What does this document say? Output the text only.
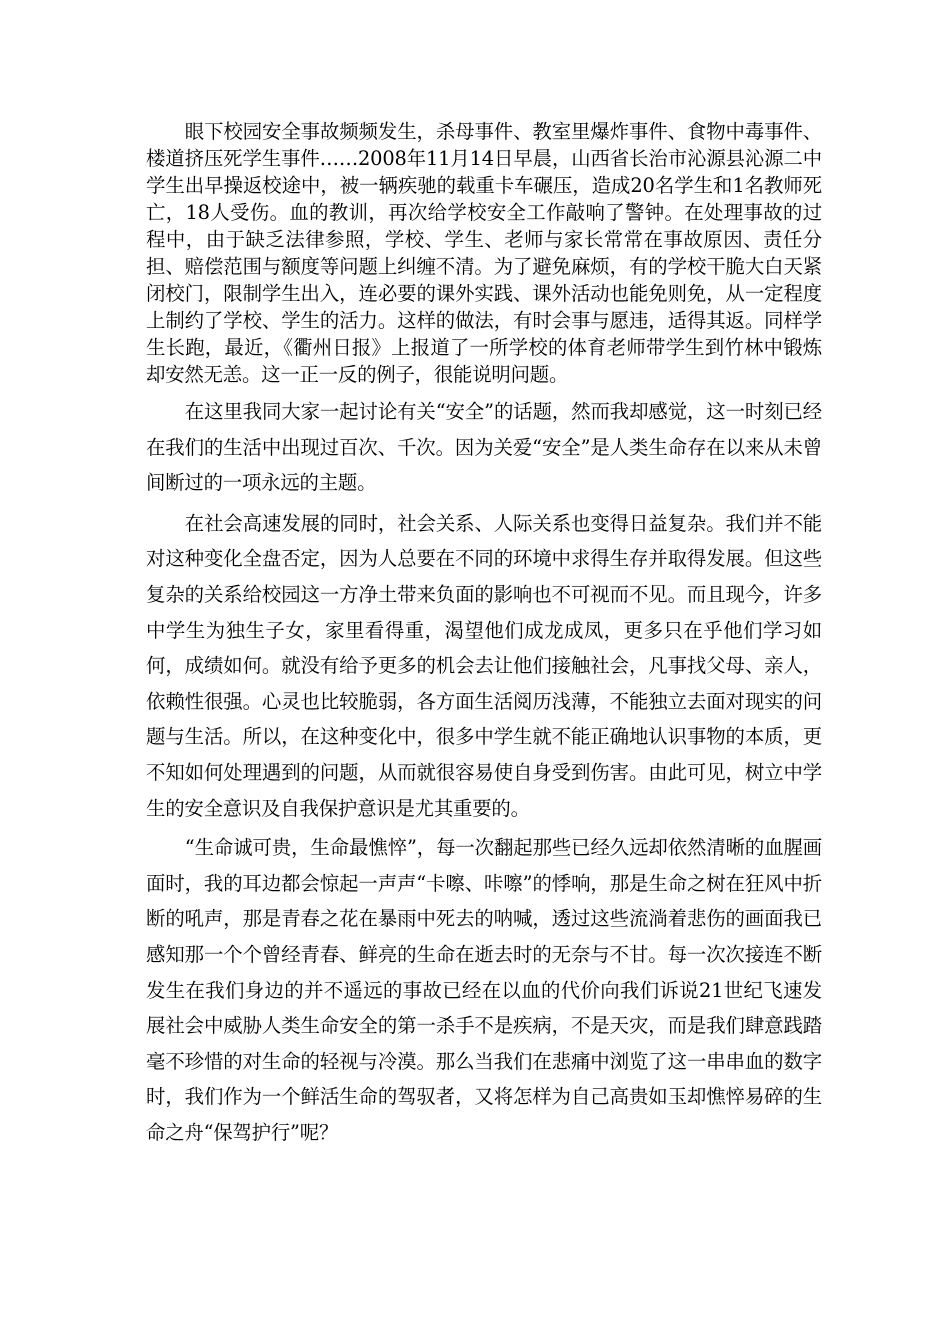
眼下校园安全事故频频发生，杀母事件、教室里爆炸事件、食物中毒事件、楼道挤压死学生事件……2008年11月14日早晨，山西省长治市沁源县沁源二中学生出早操返校途中，被一辆疾驰的载重卡车碾压，造成20名学生和1名教师死亡，18人受伤。血的教训，再次给学校安全工作敲响了警钟。在处理事故的过程中，由于缺乏法律参照，学校、学生、老师与家长常常在事故原因、责任分担、赔偿范围与额度等问题上纠缠不清。为了避免麻烦，有的学校干脆大白天紧闭校门，限制学生出入，连必要的课外实践、课外活动也能免则免，从一定程度上制约了学校、学生的活力。这样的做法，有时会事与愿违，适得其返。同样学生长跑，最近，《衢州日报》上报道了一所学校的体育老师带学生到竹林中锻炼却安然无恙。这一正一反的例子，很能说明问题。

在这里我同大家一起讨论有关“安全”的话题，然而我却感觉，这一时刻已经在我们的生活中出现过百次、千次。因为关爱“安全”是人类生命存在以来从未曾间断过的一项永远的主题。

在社会高速发展的同时，社会关系、人际关系也变得日益复杂。我们并不能对这种变化全盘否定，因为人总要在不同的环境中求得生存并取得发展。但这些复杂的关系给校园这一方净土带来负面的影响也不可视而不见。而且现今，许多中学生为独生子女，家里看得重，渴望他们成龙成凤，更多只在乎他们学习如何，成绩如何。就没有给予更多的机会去让他们接触社会，凡事找父母、亲人，依赖性很强。心灵也比较脆弱，各方面生活阅历浅薄，不能独立去面对现实的问题与生活。所以，在这种变化中，很多中学生就不能正确地认识事物的本质，更不知如何处理遇到的问题，从而就很容易使自身受到伤害。由此可见，树立中学生的安全意识及自我保护意识是尤其重要的。

“生命诚可贵，生命最憔悴”，每一次翻起那些已经久远却依然清晰的血腥画面时，我的耳边都会惊起一声声“卡嚓、咔嚓”的悸响，那是生命之树在狂风中折断的吼声，那是青春之花在暴雨中死去的呐喊，透过这些流淌着悲伤的画面我已感知那一个个曾经青春、鲜亮的生命在逝去时的无奈与不甘。每一次次接连不断发生在我们身边的并不遥远的事故已经在以血的代价向我们诉说21世纪飞速发展社会中威胁人类生命安全的第一杀手不是疾病，不是天灾，而是我们肆意践踏毫不珍惜的对生命的轻视与冷漠。那么当我们在悲痛中浏览了这一串串血的数字时，我们作为一个鲜活生命的驾驭者，又将怎样为自己高贵如玉却憔悴易碎的生命之舟“保驾护行”呢？
